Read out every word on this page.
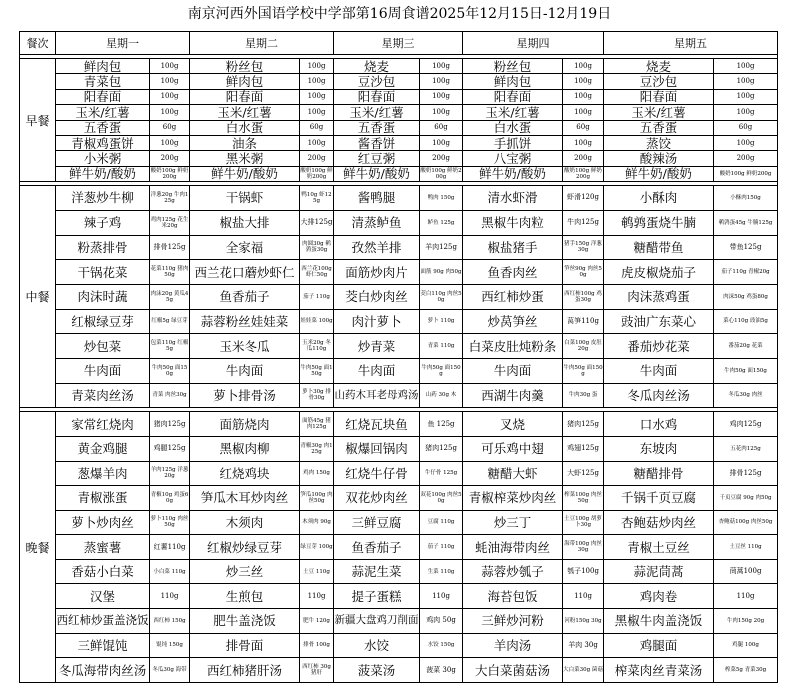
南京河西外国语学校中学部第16周食谱2025年12月15日-12月19日
餐次	星期一		星期二		星期三		星期四		星期五	

早餐	鲜肉包	100g	粉丝包	100g	烧麦	100g	粉丝包	100g	烧麦	100g
	青菜包	100g	鲜肉包	100g	豆沙包	100g	鲜肉包	100g	豆沙包	100g
	阳春面	100g	阳春面	100g	阳春面	100g	阳春面	100g	阳春面	100g
	玉米/红薯	100g	玉米/红薯	100g	玉米/红薯	100g	玉米/红薯	100g	玉米/红薯	100g
	五香蛋	60g	白水蛋	60g	五香蛋	60g	白水蛋	60g	五香蛋	60g
	青椒鸡蛋饼	100g	油条	100g	酱香饼	100g	手抓饼	100g	蒸饺	100g
	小米粥	200g	黑米粥	200g	红豆粥	200g	八宝粥	200g	酸辣汤	200g
	鲜牛奶/酸奶	酸奶100g 鲜奶200g	鲜牛奶/酸奶	酸奶100g 鲜奶200g	鲜牛奶/酸奶	酸奶100g 鲜奶200g	鲜牛奶/酸奶	酸奶100g 鲜奶200g	鲜牛奶/酸奶	酸奶100g 鲜奶200g

中餐	洋葱炒牛柳	洋葱20g 牛肉125g	干锅虾	鸭10g 虾125g	酱鸭腿	鸭肉 150g	清水虾滑	虾滑120g	小酥肉	小酥肉150g
	辣子鸡	鸡肉125g 花生米20g	椒盐大排	大排125g	清蒸鲈鱼	鲈鱼 125g	黑椒牛肉粒	牛肉125g	鹌鹑蛋烧牛腩	鹌鹑蛋45g 牛腩125g
	粉蒸排骨	排骨125g	全家福	肉圆30g 鹌鹑蛋30g	孜然羊排	羊肉125g	椒盐猪手	猪手150g 洋葱30g	糖醋带鱼	带鱼125g
	干锅花菜	花菜110g 猪肉50g	西兰花口蘑炒虾仁	西兰花100g 虾仁50g	面筋炒肉片	面筋 90g 肉50g	鱼香肉丝	笋丝90g 肉丝50g	虎皮椒烧茄子	茄子110g 青椒20g
	肉沫时蔬	肉沫20g 黄瓜45g	鱼香茄子	茄子 110g	茭白炒肉丝	茭白110g 肉丝50g	西红柿炒蛋	西红柿100g 鸡蛋30g	肉沫蒸鸡蛋	肉沫50g 鸡蛋80g
	红椒绿豆芽	红椒5g 绿豆芽	蒜蓉粉丝娃娃菜	娃娃菜 100g	肉汁萝卜	萝卜 110g	炒莴笋丝	莴笋110g	豉油广东菜心	菜心110g 豉油5g
	炒包菜	包菜110g 红椒5g	玉米冬瓜	玉米20g 冬瓜110g	炒青菜	青菜 110g	白菜皮肚炖粉条	白菜100g 皮肚20g	番茄炒花菜	番茄20g 花菜
	牛肉面	牛肉50g 面150g	牛肉面	牛肉50g 面150g	牛肉面	牛肉50g 面150g	牛肉面	牛肉50g 面150g	牛肉面	牛肉50g 面150g
	青菜肉丝汤	青菜 肉丝30g	萝卜排骨汤	萝卜30g 排骨30g	山药木耳老母鸡汤	山药 30g 木	西湖牛肉羹	牛肉30g 蛋	冬瓜肉丝汤	冬瓜30g 肉丝

晚餐	家常红烧肉	猪肉125g	面筋烧肉	面筋45g 猪肉125g	红烧瓦块鱼	鱼 125g	叉烧	猪肉125g	口水鸡	鸡肉125g
	黄金鸡腿	鸡腿125g	黑椒肉柳	青椒30g 肉125g	椒爆回锅肉	猪肉125g	可乐鸡中翅	鸡翅125g	东坡肉	五花肉125g
	葱爆羊肉	羊肉125g 洋葱20g	红烧鸡块	鸡肉 150g	红烧牛仔骨	牛仔骨 125g	糖醋大虾	大虾125g	糖醋排骨	排骨125g
	青椒涨蛋	青椒10g 鸡蛋60g	笋瓜木耳炒肉丝	笋瓜100g 肉丝50g	双花炒肉丝	双花100g 肉丝50g	青椒榨菜炒肉丝	榨菜100g 肉丝50g	千锅千页豆腐	千页豆腐 90g 肉50g
	萝卜炒肉丝	萝卜110g 肉丝50g	木须肉	木须肉 90g	三鲜豆腐	豆腐 110g	炒三丁	土豆100g 胡萝卜30g	杏鲍菇炒肉丝	杏鲍菇100g 肉丝50g
	蒸蜜薯	红薯110g	红椒炒绿豆芽	绿豆芽 100g	鱼香茄子	茄子 110g	蚝油海带肉丝	海带100g 肉丝30g	青椒土豆丝	土豆丝 110g
	香菇小白菜	小白菜 110g	炒三丝	土豆 110g	蒜泥生菜	生菜 110g	蒜蓉炒瓠子	瓠子100g	蒜泥茼蒿	茼蒿100g
	汉堡	110g	生煎包	110g	提子蛋糕	110g	海苔包饭	110g	鸡肉卷	110g
	西红柿炒蛋盖浇饭	西红柿 150g	肥牛盖浇饭	肥牛 120g	新疆大盘鸡刀削面	鸡肉 50g	三鲜炒河粉	河粉150g 30g	黑椒牛肉盖浇饭	牛肉150g 20g
	三鲜馄饨	馄饨 150g	排骨面	排骨 100g	水饺	水饺 150g	羊肉汤	羊肉 30g	鸡腿面	鸡腿 100g
	冬瓜海带肉丝汤	冬瓜30g 海带	西红柿猪肝汤	西红柿 30g 猪肝	菠菜汤	菠菜 30g	大白菜菌菇汤	大白菜30g 菌菇	榨菜肉丝青菜汤	榨菜5g 青菜30g
